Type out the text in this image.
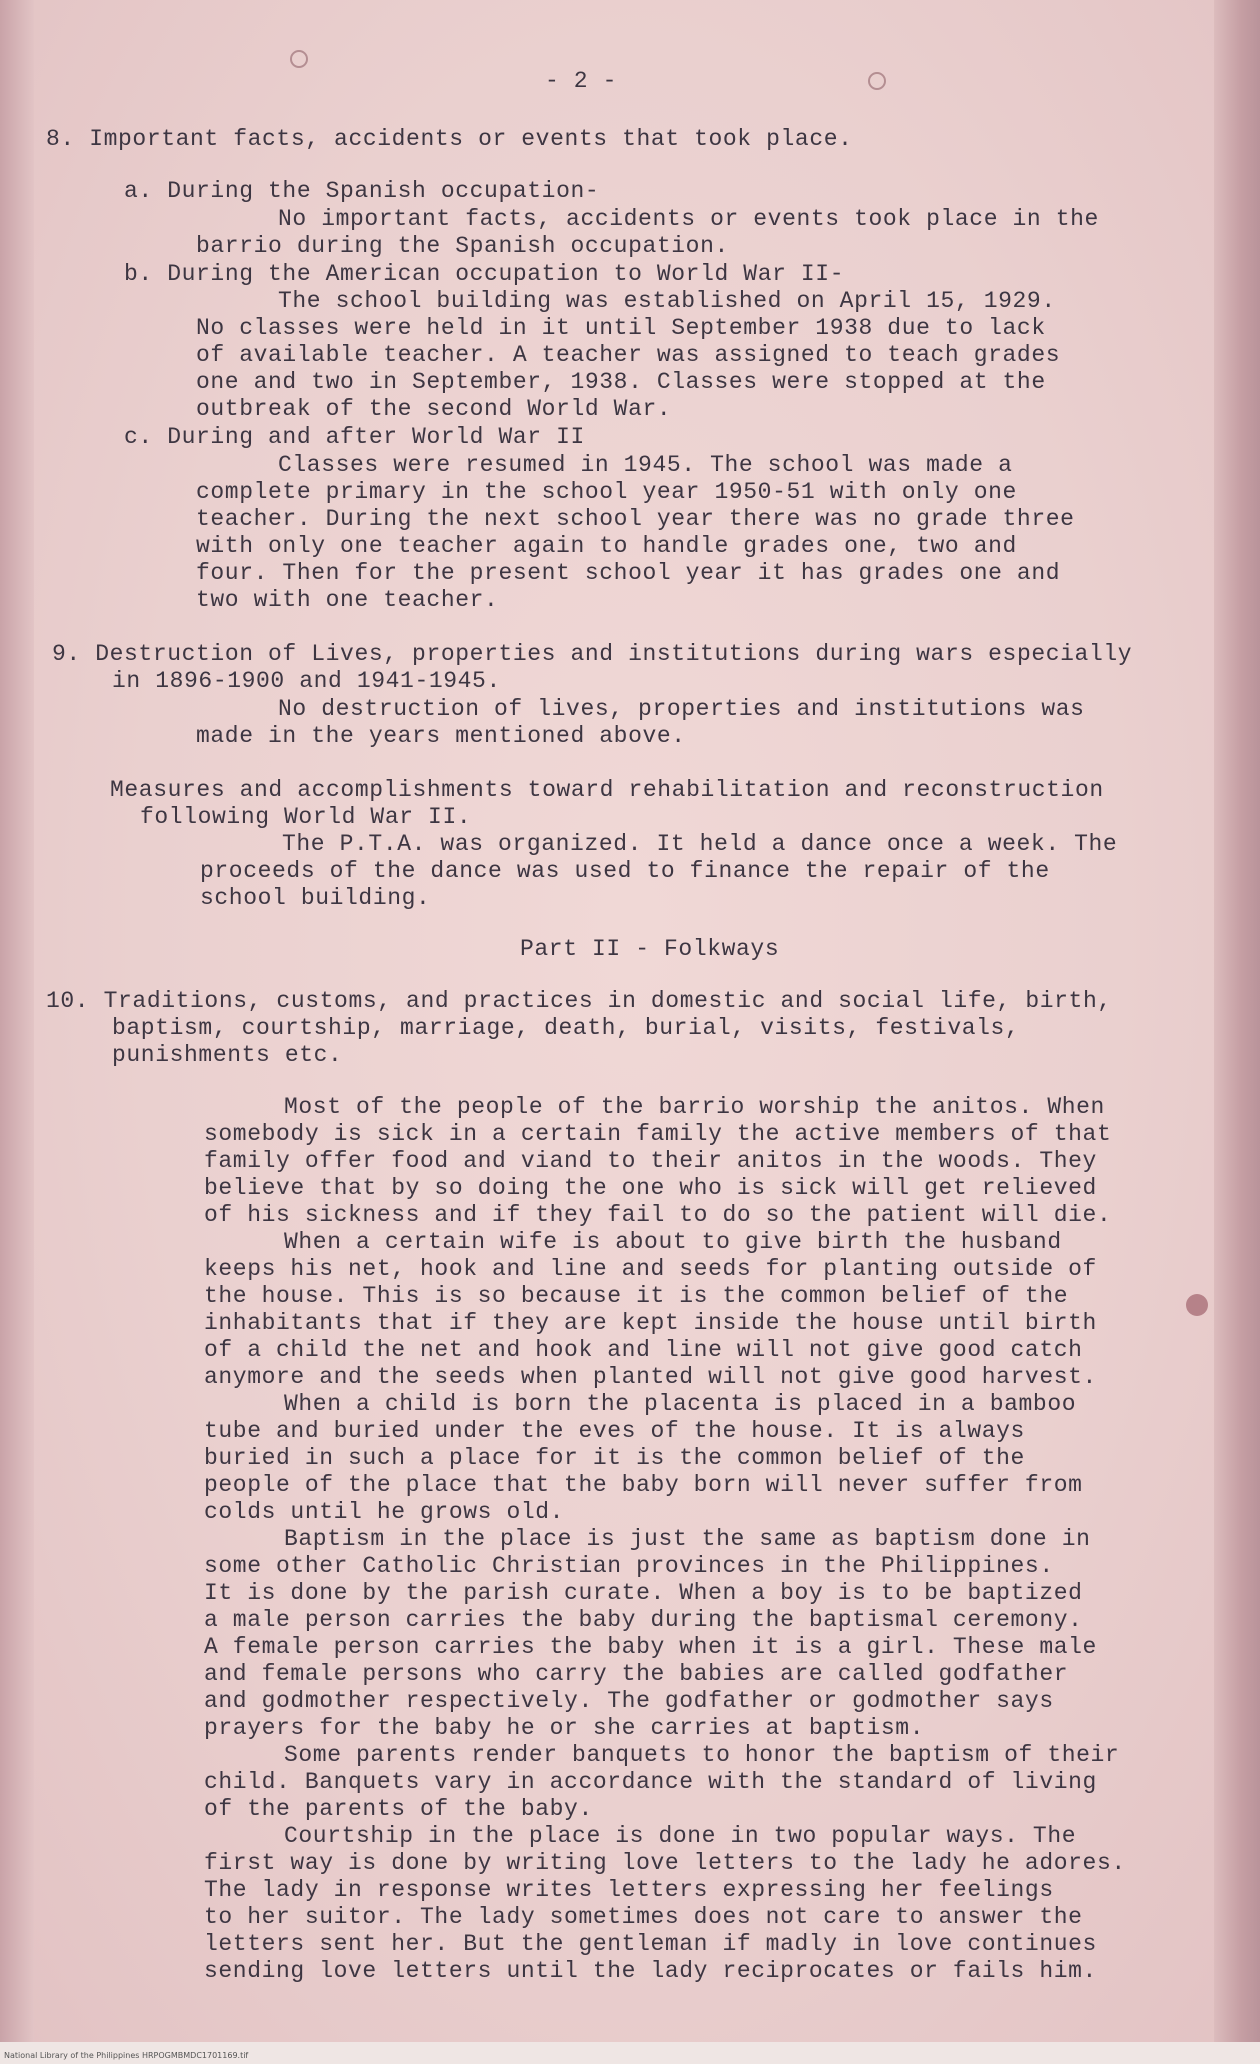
- 2 -
8. Important facts, accidents or events that took place.
a. During the Spanish occupation-
No important facts, accidents or events took place in the
barrio during the Spanish occupation.
b. During the American occupation to World War II-
The school building was established on April 15, 1929.
No classes were held in it until September 1938 due to lack
of available teacher. A teacher was assigned to teach grades
one and two in September, 1938. Classes were stopped at the
outbreak of the second World War.
c. During and after World War II
Classes were resumed in 1945. The school was made a
complete primary in the school year 1950-51 with only one
teacher. During the next school year there was no grade three
with only one teacher again to handle grades one, two and
four. Then for the present school year it has grades one and
two with one teacher.
9. Destruction of Lives, properties and institutions during wars especially
in 1896-1900 and 1941-1945.
No destruction of lives, properties and institutions was
made in the years mentioned above.
Measures and accomplishments toward rehabilitation and reconstruction
following World War II.
The P.T.A. was organized. It held a dance once a week. The
proceeds of the dance was used to finance the repair of the
school building.
Part II - Folkways
10. Traditions, customs, and practices in domestic and social life, birth,
baptism, courtship, marriage, death, burial, visits, festivals,
punishments etc.
Most of the people of the barrio worship the anitos. When
somebody is sick in a certain family the active members of that
family offer food and viand to their anitos in the woods. They
believe that by so doing the one who is sick will get relieved
of his sickness and if they fail to do so the patient will die.
When a certain wife is about to give birth the husband
keeps his net, hook and line and seeds for planting outside of
the house. This is so because it is the common belief of the
inhabitants that if they are kept inside the house until birth
of a child the net and hook and line will not give good catch
anymore and the seeds when planted will not give good harvest.
When a child is born the placenta is placed in a bamboo
tube and buried under the eves of the house. It is always
buried in such a place for it is the common belief of the
people of the place that the baby born will never suffer from
colds until he grows old.
Baptism in the place is just the same as baptism done in
some other Catholic Christian provinces in the Philippines.
It is done by the parish curate. When a boy is to be baptized
a male person carries the baby during the baptismal ceremony.
A female person carries the baby when it is a girl. These male
and female persons who carry the babies are called godfather
and godmother respectively. The godfather or godmother says
prayers for the baby he or she carries at baptism.
Some parents render banquets to honor the baptism of their
child. Banquets vary in accordance with the standard of living
of the parents of the baby.
Courtship in the place is done in two popular ways. The
first way is done by writing love letters to the lady he adores.
The lady in response writes letters expressing her feelings
to her suitor. The lady sometimes does not care to answer the
letters sent her. But the gentleman if madly in love continues
sending love letters until the lady reciprocates or fails him.
National Library of the Philippines HRPOGMBMDC1701169.tif
